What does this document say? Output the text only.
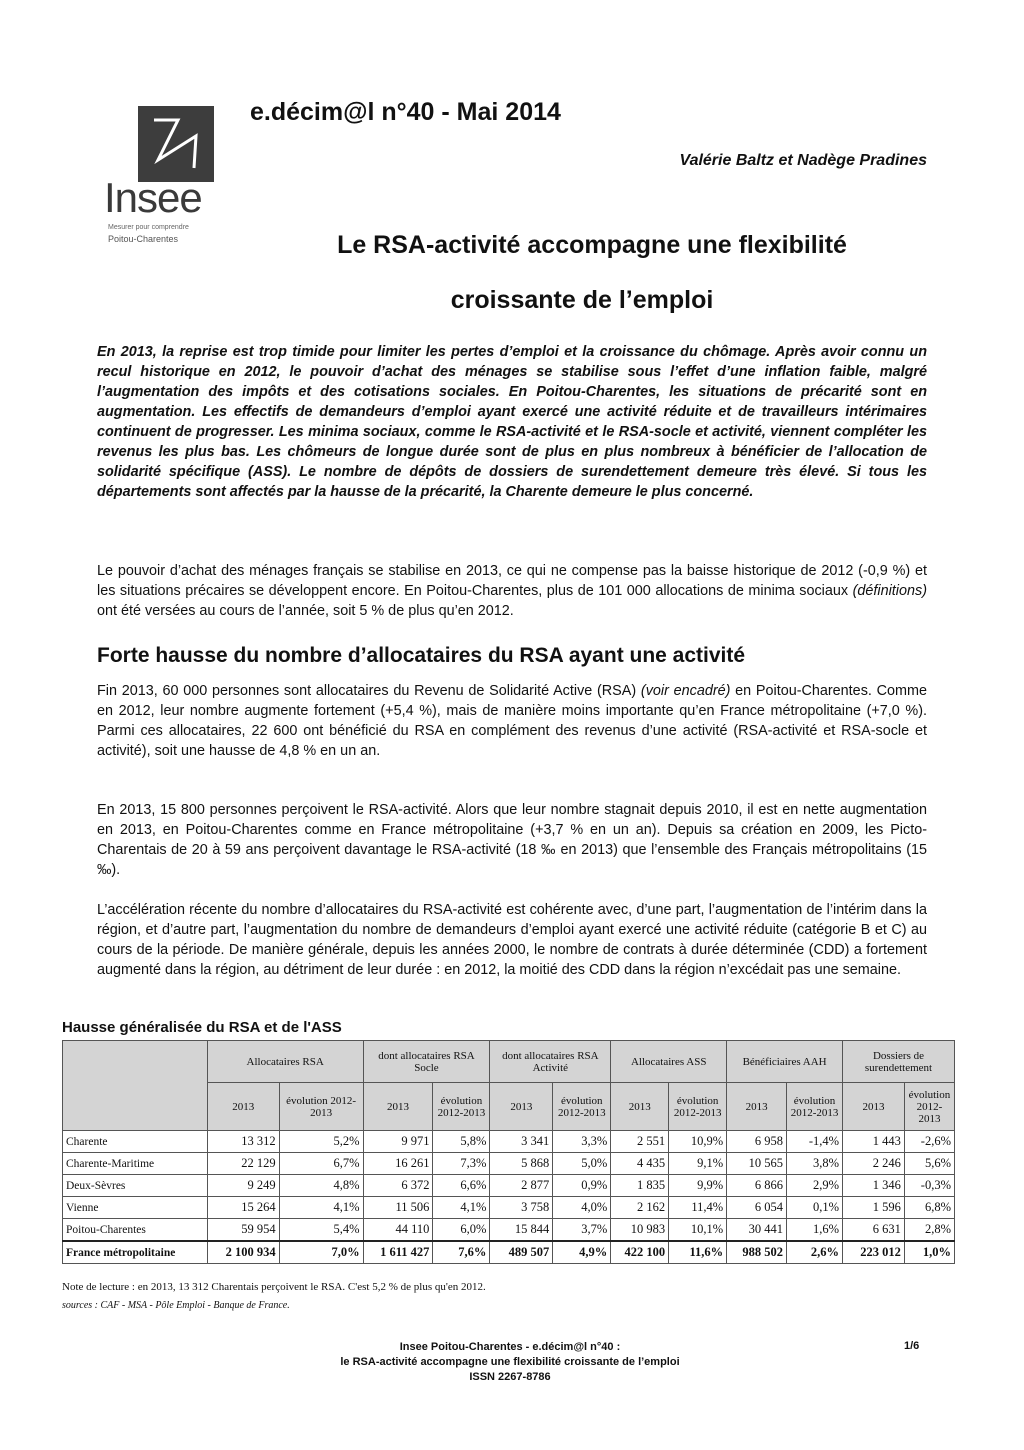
Insee
Mesurer pour comprendre
Poitou-Charentes
e.décim@l n°40 - Mai 2014
Valérie Baltz et Nadège Pradines
Le RSA-activité accompagne une flexibilité
croissante de l’emploi

En 2013, la reprise est trop timide pour limiter les pertes d’emploi et la croissance du chômage. Après avoir connu un recul historique en 2012, le pouvoir d’achat des ménages se stabilise sous l’effet d’une inflation faible, malgré l’augmentation des impôts et des cotisations sociales. En Poitou-Charentes, les situations de précarité sont en augmentation. Les effectifs de demandeurs d’emploi ayant exercé une activité réduite et de travailleurs intérimaires continuent de progresser. Les minima sociaux, comme le RSA-activité et le RSA-socle et activité, viennent compléter les revenus les plus bas. Les chômeurs de longue durée sont de plus en plus nombreux à bénéficier de l’allocation de solidarité spécifique (ASS). Le nombre de dépôts de dossiers de surendettement demeure très élevé. Si tous les départements sont affectés par la hausse de la précarité, la Charente demeure le plus concerné.

Le pouvoir d’achat des ménages français se stabilise en 2013, ce qui ne compense pas la baisse historique de 2012 (-0,9 %) et les situations précaires se développent encore. En Poitou-Charentes, plus de 101 000 allocations de minima sociaux (définitions) ont été versées au cours de l’année, soit 5 % de plus qu’en 2012.

Forte hausse du nombre d’allocataires du RSA ayant une activité

Fin 2013, 60 000 personnes sont allocataires du Revenu de Solidarité Active (RSA) (voir encadré) en Poitou-Charentes. Comme en 2012, leur nombre augmente fortement (+5,4 %), mais de manière moins importante qu’en France métropolitaine (+7,0 %). Parmi ces allocataires, 22 600 ont bénéficié du RSA en complément des revenus d’une activité (RSA-activité et RSA-socle et activité), soit une hausse de 4,8 % en un an.

En 2013, 15 800 personnes perçoivent le RSA-activité. Alors que leur nombre stagnait depuis 2010, il est en nette augmentation en 2013, en Poitou-Charentes comme en France métropolitaine (+3,7 % en un an). Depuis sa création en 2009, les Picto-Charentais de 20 à 59 ans perçoivent davantage le RSA-activité (18 ‰ en 2013) que l’ensemble des Français métropolitains (15 ‰).

L’accélération récente du nombre d’allocataires du RSA-activité est cohérente avec, d’une part, l’augmentation de l’intérim dans la région, et d’autre part, l’augmentation du nombre de demandeurs d’emploi ayant exercé une activité réduite (catégorie B et C) au cours de la période. De manière générale, depuis les années 2000, le nombre de contrats à durée déterminée (CDD) a fortement augmenté dans la région, au détriment de leur durée : en 2012, la moitié des CDD dans la région n’excédait pas une semaine.

Hausse généralisée du RSA et de l'ASS
	Allocataires RSA		dont allocataires RSA Socle		dont allocataires RSA Activité		Allocataires ASS		Bénéficiaires AAH		Dossiers de surendettement	
	2013	évolution 2012-2013	2013	évolution 2012-2013	2013	évolution 2012-2013	2013	évolution 2012-2013	2013	évolution 2012-2013	2013	évolution 2012-2013
Charente	13 312	5,2%	9 971	5,8%	3 341	3,3%	2 551	10,9%	6 958	-1,4%	1 443	-2,6%
Charente-Maritime	22 129	6,7%	16 261	7,3%	5 868	5,0%	4 435	9,1%	10 565	3,8%	2 246	5,6%
Deux-Sèvres	9 249	4,8%	6 372	6,6%	2 877	0,9%	1 835	9,9%	6 866	2,9%	1 346	-0,3%
Vienne	15 264	4,1%	11 506	4,1%	3 758	4,0%	2 162	11,4%	6 054	0,1%	1 596	6,8%
Poitou-Charentes	59 954	5,4%	44 110	6,0%	15 844	3,7%	10 983	10,1%	30 441	1,6%	6 631	2,8%
France métropolitaine	2 100 934	7,0%	1 611 427	7,6%	489 507	4,9%	422 100	11,6%	988 502	2,6%	223 012	1,0%
Note de lecture : en 2013, 13 312 Charentais perçoivent le RSA. C'est 5,2 % de plus qu'en 2012.
sources : CAF - MSA - Pôle Emploi - Banque de France.
Insee Poitou-Charentes - e.décim@l n°40 :
le RSA-activité accompagne une flexibilité croissante de l’emploi
ISSN 2267-8786
1/6
